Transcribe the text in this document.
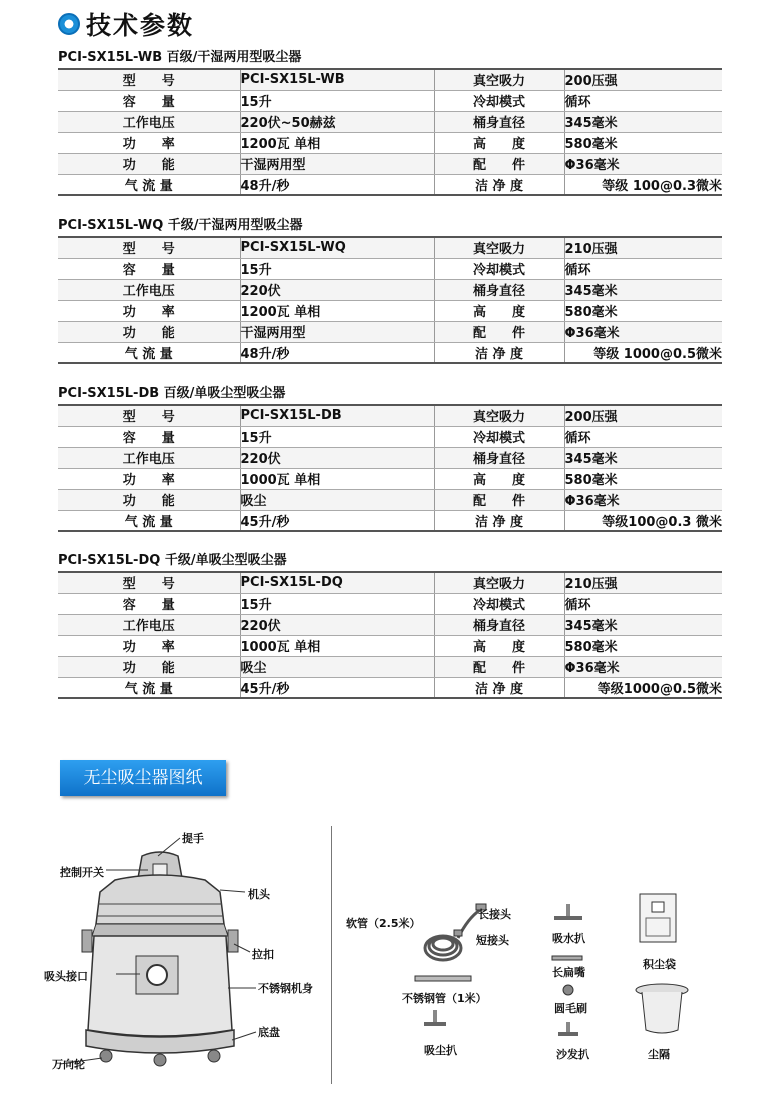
技术参数
PCI-SX15L-WB 百级/干湿两用型吸尘器
型　　号	PCI-SX15L-WB	真空吸力	200压强
容　　量	15升	冷却模式	循环
工作电压	220伏~50赫兹	桶身直径	345毫米
功　　率	1200瓦 单相	高　　度	580毫米
功　　能	干湿两用型	配　　件	Φ36毫米
气 流 量	48升/秒	洁 净 度	等级 100@0.3微米
PCI-SX15L-WQ 千级/干湿两用型吸尘器
型　　号	PCI-SX15L-WQ	真空吸力	210压强
容　　量	15升	冷却模式	循环
工作电压	220伏	桶身直径	345毫米
功　　率	1200瓦 单相	高　　度	580毫米
功　　能	干湿两用型	配　　件	Φ36毫米
气 流 量	48升/秒	洁 净 度	等级 1000@0.5微米
PCI-SX15L-DB 百级/单吸尘型吸尘器
型　　号	PCI-SX15L-DB	真空吸力	200压强
容　　量	15升	冷却模式	循环
工作电压	220伏	桶身直径	345毫米
功　　率	1000瓦 单相	高　　度	580毫米
功　　能	吸尘	配　　件	Φ36毫米
气 流 量	45升/秒	洁 净 度	等级100@0.3 微米
PCI-SX15L-DQ 千级/单吸尘型吸尘器
型　　号	PCI-SX15L-DQ	真空吸力	210压强
容　　量	15升	冷却模式	循环
工作电压	220伏	桶身直径	345毫米
功　　率	1000瓦 单相	高　　度	580毫米
功　　能	吸尘	配　　件	Φ36毫米
气 流 量	45升/秒	洁 净 度	等级1000@0.5微米
无尘吸尘器图纸
提手
控制开关
机头
拉扣
吸头接口
不锈钢机身
底盘
万向轮
软管（2.5米）
长接头
短接头	吸水扒
长扁嘴
圆毛刷
积尘袋
不锈钢管（1米）
吸尘扒	沙发扒	尘隔
